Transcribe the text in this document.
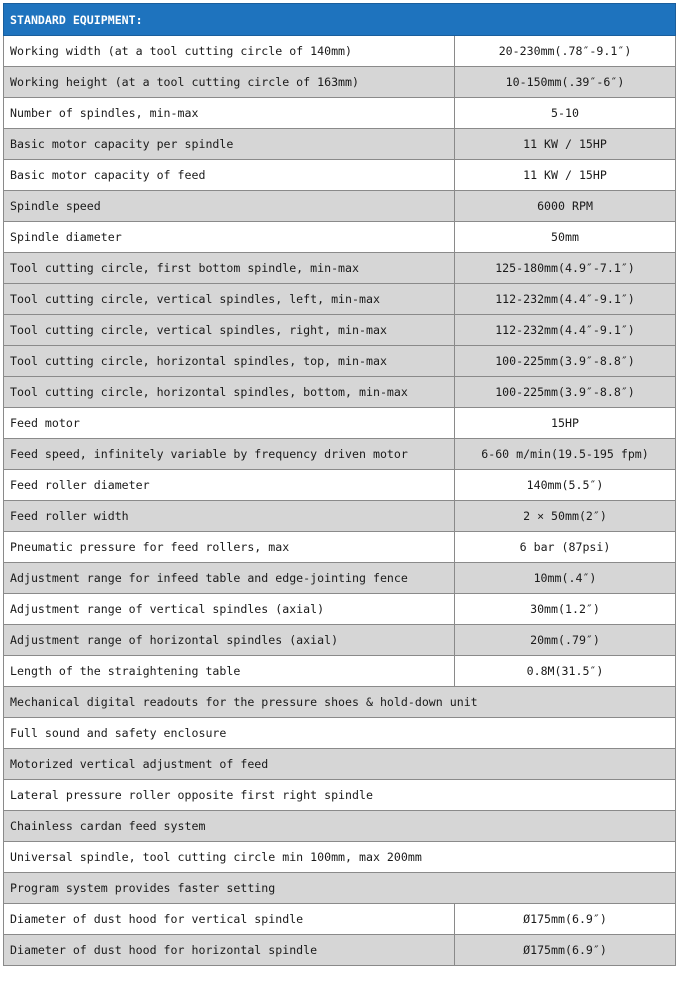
STANDARD EQUIPMENT:	
Working width (at a tool cutting circle of 140mm)	20-230mm(.78″-9.1″)
Working height (at a tool cutting circle of 163mm)	10-150mm(.39″-6″)
Number of spindles, min-max	5-10
Basic motor capacity per spindle	11 KW / 15HP
Basic motor capacity of feed	11 KW / 15HP
Spindle speed	6000 RPM
Spindle diameter	50mm
Tool cutting circle, first bottom spindle, min-max	125-180mm(4.9″-7.1″)
Tool cutting circle, vertical spindles, left, min-max	112-232mm(4.4″-9.1″)
Tool cutting circle, vertical spindles, right, min-max	112-232mm(4.4″-9.1″)
Tool cutting circle, horizontal spindles, top, min-max	100-225mm(3.9″-8.8″)
Tool cutting circle, horizontal spindles, bottom, min-max	100-225mm(3.9″-8.8″)
Feed motor	15HP
Feed speed, infinitely variable by frequency driven motor	6-60 m/min(19.5-195 fpm)
Feed roller diameter	140mm(5.5″)
Feed roller width	2 × 50mm(2″)
Pneumatic pressure for feed rollers, max	6 bar (87psi)
Adjustment range for infeed table and edge-jointing fence	10mm(.4″)
Adjustment range of vertical spindles (axial)	30mm(1.2″)
Adjustment range of horizontal spindles (axial)	20mm(.79″)
Length of the straightening table	0.8M(31.5″)
Mechanical digital readouts for the pressure shoes & hold-down unit	
Full sound and safety enclosure	
Motorized vertical adjustment of feed	
Lateral pressure roller opposite first right spindle	
Chainless cardan feed system	
Universal spindle, tool cutting circle min 100mm, max 200mm	
Program system provides faster setting	
Diameter of dust hood for vertical spindle	Ø175mm(6.9″)
Diameter of dust hood for horizontal spindle	Ø175mm(6.9″)
